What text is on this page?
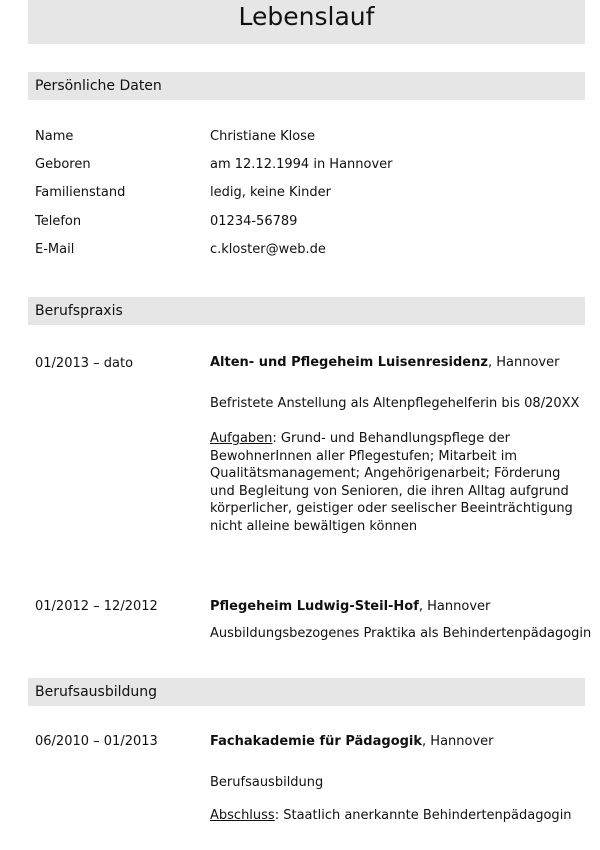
Lebenslauf
Persönliche Daten
Name	Christiane Klose
Geboren	am 12.12.1994 in Hannover
Familienstand	ledig, keine Kinder
Telefon	01234-56789
E-Mail	c.kloster@web.de
Berufspraxis
01/2013 – dato	Alten- und Pflegeheim Luisenresidenz, Hannover
Befristete Anstellung als Altenpflegehelferin bis 08/20XX
Aufgaben: Grund- und Behandlungspflege der BewohnerInnen aller Pflegestufen; Mitarbeit im Qualitätsmanagement; Angehörigenarbeit; Förderung und Begleitung von Senioren, die ihren Alltag aufgrund körperlicher, geistiger oder seelischer Beeinträchtigung nicht alleine bewältigen können
01/2012 – 12/2012	Pflegeheim Ludwig-Steil-Hof, Hannover
Ausbildungsbezogenes Praktika als Behindertenpädagogin
Berufsausbildung
06/2010 – 01/2013	Fachakademie für Pädagogik, Hannover
Berufsausbildung
Abschluss: Staatlich anerkannte Behindertenpädagogin
